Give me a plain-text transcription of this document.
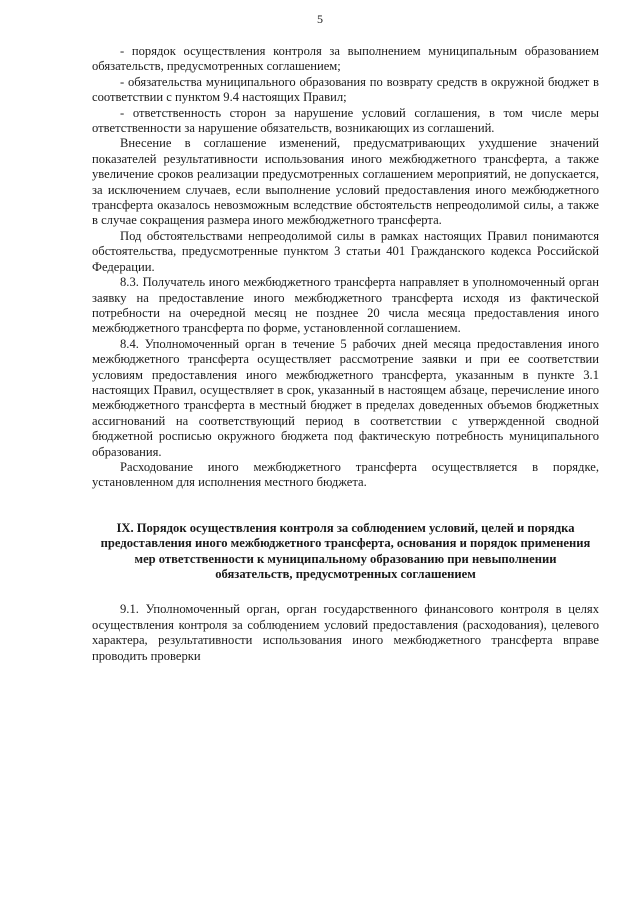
5

- порядок осуществления контроля за выполнением муниципальным образованием обязательств, предусмотренных соглашением;

- обязательства муниципального образования по возврату средств в окружной бюджет в соответствии с пунктом 9.4 настоящих Правил;

- ответственность сторон за нарушение условий соглашения, в том числе меры ответственности за нарушение обязательств, возникающих из соглашений.

Внесение в соглашение изменений, предусматривающих ухудшение значений показателей результативности использования иного межбюджетного трансферта, а также увеличение сроков реализации предусмотренных соглашением мероприятий, не допускается, за исключением случаев, если выполнение условий предоставления иного межбюджетного трансферта оказалось невозможным вследствие обстоятельств непреодолимой силы, а также в случае сокращения размера иного межбюджетного трансферта.

Под обстоятельствами непреодолимой силы в рамках настоящих Правил понимаются обстоятельства, предусмотренные пунктом 3 статьи 401 Гражданского кодекса Российской Федерации.

8.3. Получатель иного межбюджетного трансферта направляет в уполномоченный орган заявку на предоставление иного межбюджетного трансферта исходя из фактической потребности на очередной месяц не позднее 20 числа месяца предоставления иного межбюджетного трансферта по форме, установленной соглашением.

8.4. Уполномоченный орган в течение 5 рабочих дней месяца предоставления иного межбюджетного трансферта осуществляет рассмотрение заявки и при ее соответствии условиям предоставления иного межбюджетного трансферта, указанным в пункте 3.1 настоящих Правил, осуществляет в срок, указанный в настоящем абзаце, перечисление иного межбюджетного трансферта в местный бюджет в пределах доведенных объемов бюджетных ассигнований на соответствующий период в соответствии с утвержденной сводной бюджетной росписью окружного бюджета под фактическую потребность муниципального образования.

Расходование иного межбюджетного трансферта осуществляется в порядке, установленном для исполнения местного бюджета.

IX. Порядок осуществления контроля за соблюдением условий, целей и порядка предоставления иного межбюджетного трансферта, основания и порядок применения мер ответственности к муниципальному образованию при невыполнении обязательств, предусмотренных соглашением

9.1. Уполномоченный орган, орган государственного финансового контроля в целях осуществления контроля за соблюдением условий предоставления (расходования), целевого характера, результативности использования иного межбюджетного трансферта вправе проводить проверки
